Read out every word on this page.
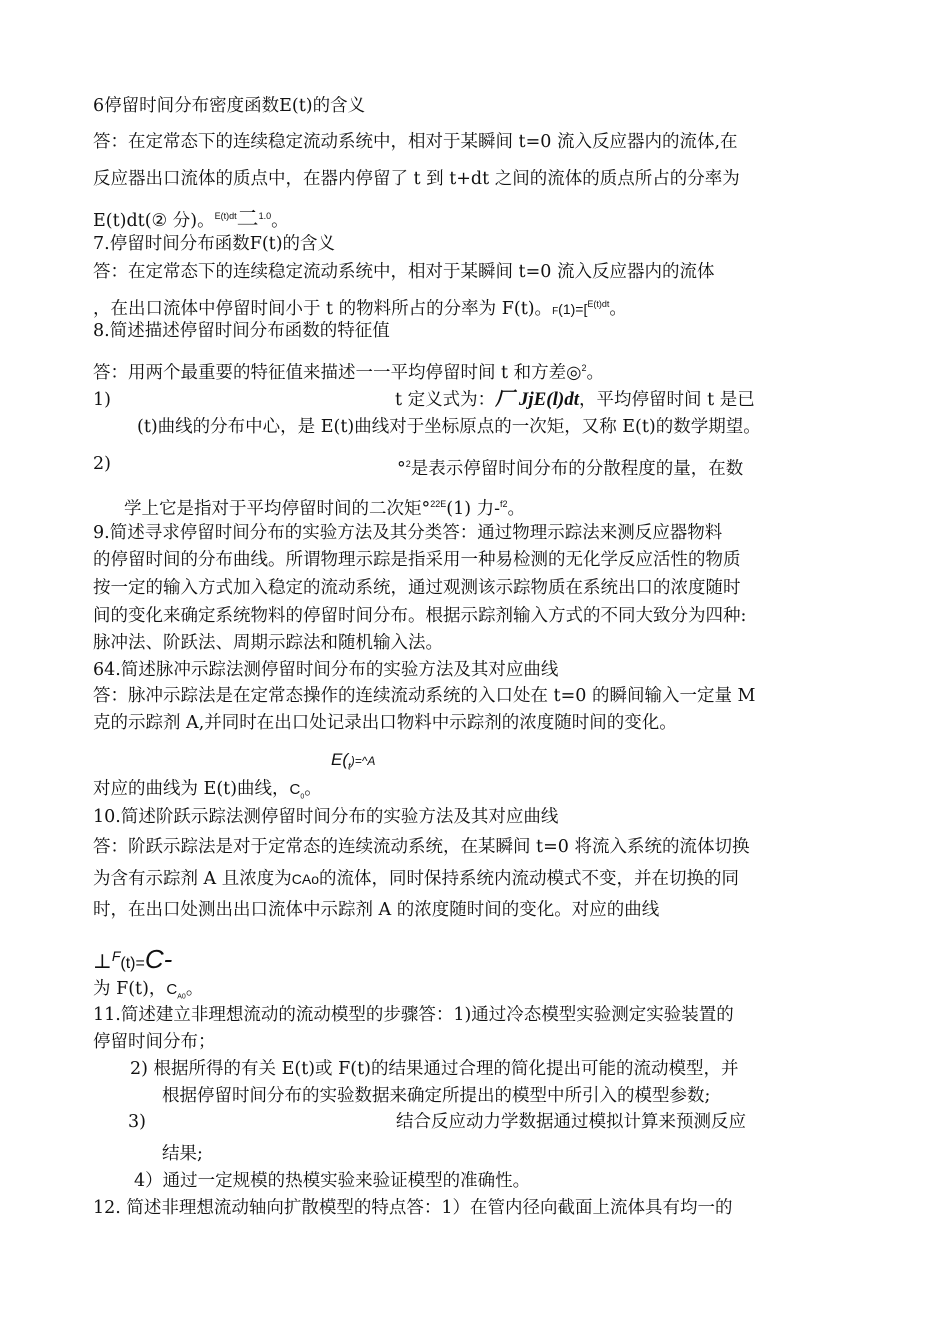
6停留时间分布密度函数E(t)的含义
答：在定常态下的连续稳定流动系统中，相对于某瞬间 t=0 流入反应器内的流体,在
反应器出口流体的质点中，在器内停留了 t 到 t+dt 之间的流体的质点所占的分率为
E(t)dt(② 分)。$^{E(t)dt}$二$^{1.0}$。
7.停留时间分布函数F(t)的含义
答：在定常态下的连续稳定流动系统中，相对于某瞬间 t=0 流入反应器内的流体
，在出口流体中停留时间小于 t 的物料所占的分率为 F(t)。F(1)=[$^{E(t)dt}$。
8.简述描述停留时间分布函数的特征值
答：用两个最重要的特征值来描述一一平均停留时间 t 和方差◎$^2$。
1)	t 定义式为：厂 JjE(l)dt，平均停留时间 t 是已
(t)曲线的分布中心，是 E(t)曲线对于坐标原点的一次矩，又称 E(t)的数学期望。
2)	°$^2$是表示停留时间分布的分散程度的量，在数
学上它是指对于平均停留时间的二次矩°$^{22E}$(1) 力-$^{f2}$。
9.简述寻求停留时间分布的实验方法及其分类答：通过物理示踪法来测反应器物料
的停留时间的分布曲线。所谓物理示踪是指采用一种易检测的无化学反应活性的物质
按一定的输入方式加入稳定的流动系统，通过观测该示踪物质在系统出口的浓度随时
间的变化来确定系统物料的停留时间分布。根据示踪剂输入方式的不同大致分为四种:
脉冲法、阶跃法、周期示踪法和随机输入法。
64.简述脉冲示踪法测停留时间分布的实验方法及其对应曲线
答：脉冲示踪法是在定常态操作的连续流动系统的入口处在 t=0 的瞬间输入一定量 M
克的示踪剂 A,并同时在出口处记录出口物料中示踪剂的浓度随时间的变化。
$E(_t)=\^{}A$
对应的曲线为 E(t)曲线，$C_0$。
10.简述阶跃示踪法测停留时间分布的实验方法及其对应曲线
答：阶跃示踪法是对于定常态的连续流动系统，在某瞬间 t=0 将流入系统的流体切换
为含有示踪剂 A 且浓度为CAo的流体，同时保持系统内流动模式不变，并在切换的同
时，在出口处测出出口流体中示踪剂 A 的浓度随时间的变化。对应的曲线
⊥$^F$(t)=C-
为 F(t)，$C_{A0}$。
11.简述建立非理想流动的流动模型的步骤答：1)通过冷态模型实验测定实验装置的
停留时间分布；
2) 根据所得的有关 E(t)或 F(t)的结果通过合理的简化提出可能的流动模型，并
根据停留时间分布的实验数据来确定所提出的模型中所引入的模型参数;
3)	结合反应动力学数据通过模拟计算来预测反应
结果;
4）通过一定规模的热模实验来验证模型的准确性。
12. 简述非理想流动轴向扩散模型的特点答：1）在管内径向截面上流体具有均一的
